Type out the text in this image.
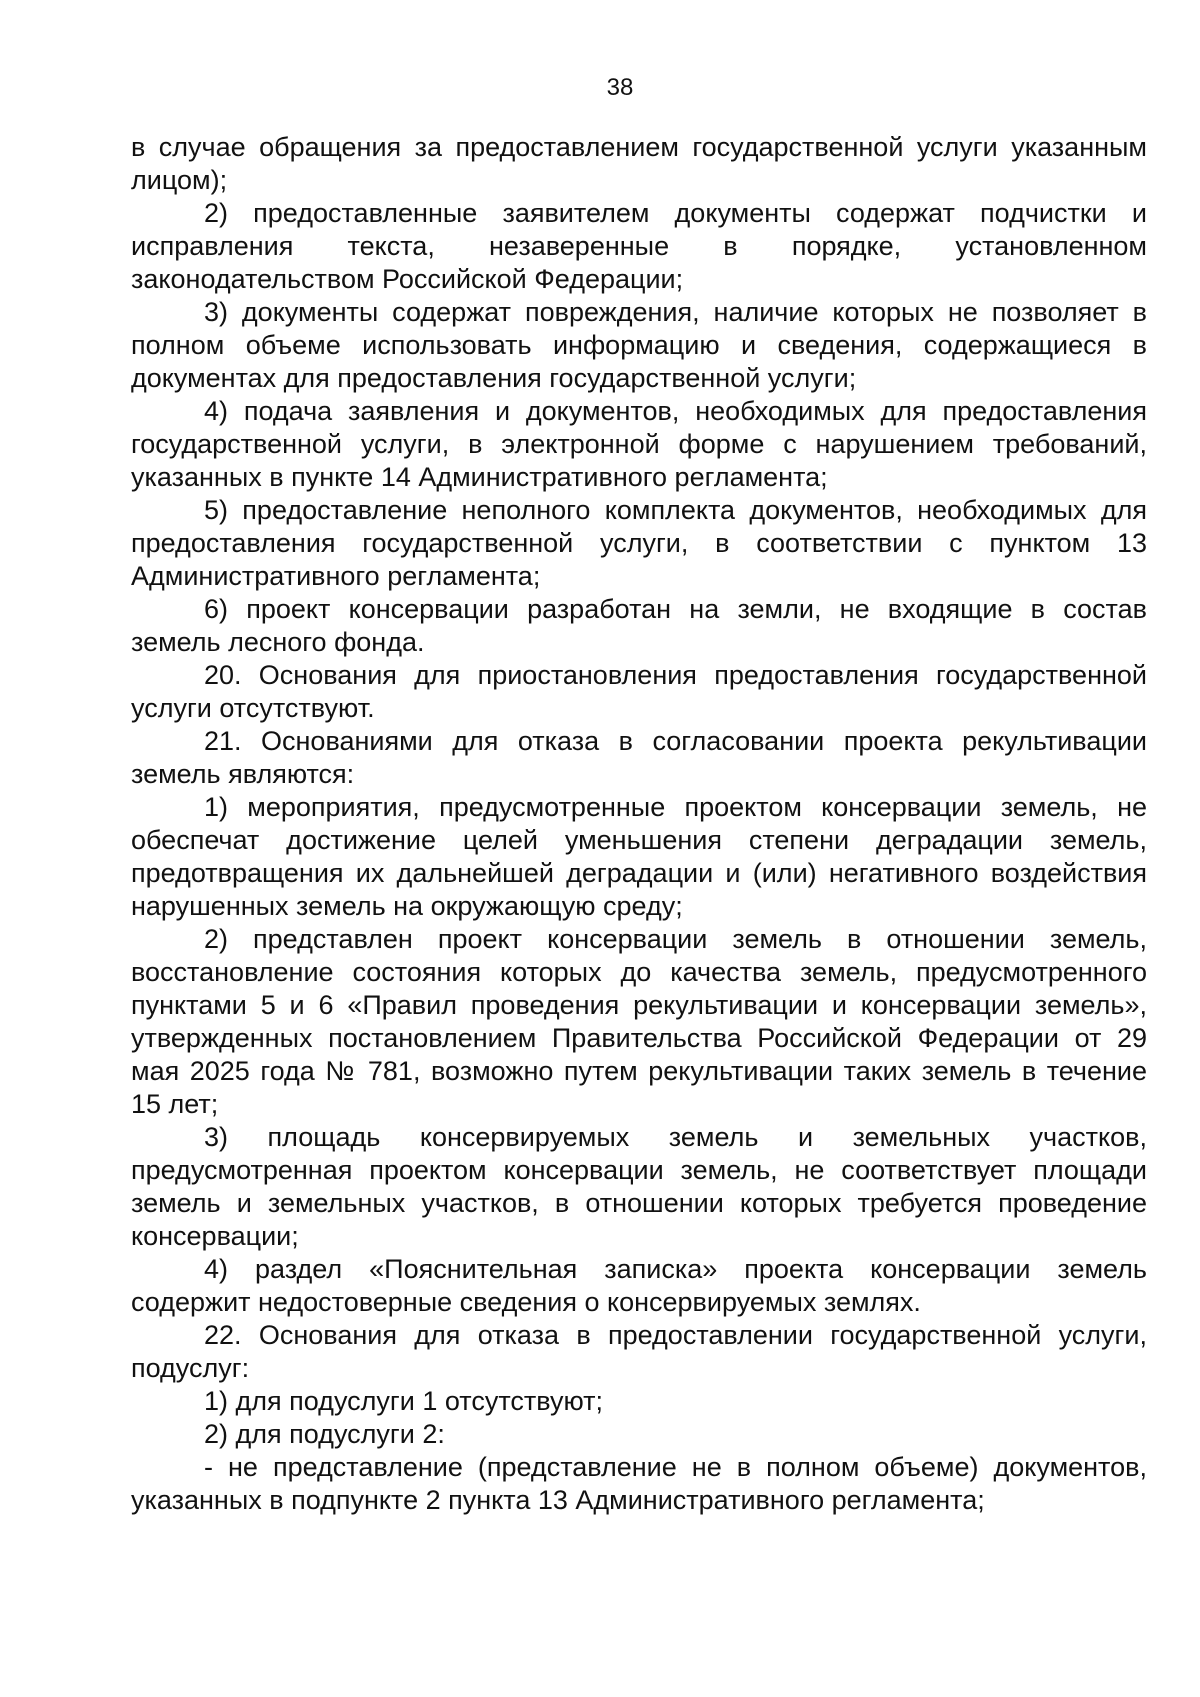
38

в случае обращения за предоставлением государственной услуги указанным лицом);

2) предоставленные заявителем документы содержат подчистки и исправления текста, незаверенные в порядке, установленном законодательством Российской Федерации;

3) документы содержат повреждения, наличие которых не позволяет в полном объеме использовать информацию и сведения, содержащиеся в документах для предоставления государственной услуги;

4) подача заявления и документов, необходимых для предоставления государственной услуги, в электронной форме с нарушением требований, указанных в пункте 14 Административного регламента;

5) предоставление неполного комплекта документов, необходимых для предоставления государственной услуги, в соответствии с пунктом 13 Административного регламента;

6) проект консервации разработан на земли, не входящие в состав земель лесного фонда.

20. Основания для приостановления предоставления государственной услуги отсутствуют.

21. Основаниями для отказа в согласовании проекта рекультивации земель являются:

1) мероприятия, предусмотренные проектом консервации земель, не обеспечат достижение целей уменьшения степени деградации земель, предотвращения их дальнейшей деградации и (или) негативного воздействия нарушенных земель на окружающую среду;

2) представлен проект консервации земель в отношении земель, восстановление состояния которых до качества земель, предусмотренного пунктами 5 и 6 «Правил проведения рекультивации и консервации земель», утвержденных постановлением Правительства Российской Федерации от 29 мая 2025 года № 781, возможно путем рекультивации таких земель в течение 15 лет;

3) площадь консервируемых земель и земельных участков, предусмотренная проектом консервации земель, не соответствует площади земель и земельных участков, в отношении которых требуется проведение консервации;

4) раздел «Пояснительная записка» проекта консервации земель содержит недостоверные сведения о консервируемых землях.

22. Основания для отказа в предоставлении государственной услуги, подуслуг:

1) для подуслуги 1 отсутствуют;

2) для подуслуги 2:

- не представление (представление не в полном объеме) документов, указанных в подпункте 2 пункта 13 Административного регламента;
